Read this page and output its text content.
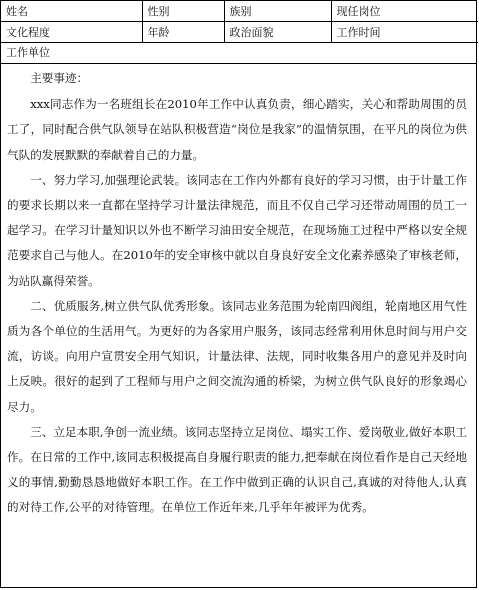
姓名	性别	族别	现任岗位
文化程度	年龄	政治面貌	工作时间
工作单位

主要事迹：

xxx同志作为一名班组长在2010年工作中认真负责，细心踏实，关心和帮助周围的员工了，同时配合供气队领导在站队积极营造“岗位是我家”的温情氛围，在平凡的岗位为供气队的发展默默的奉献着自己的力量。

一、努力学习,加强理论武装。该同志在工作内外都有良好的学习习惯，由于计量工作的要求长期以来一直都在坚持学习计量法律规范，而且不仅自己学习还带动周围的员工一起学习。在学习计量知识以外也不断学习油田安全规范，在现场施工过程中严格以安全规范要求自己与他人。在2010年的安全审核中就以自身良好安全文化素养感染了审核老师，为站队赢得荣誉。

二、优质服务,树立供气队优秀形象。该同志业务范围为轮南四阀组，轮南地区用气性质为各个单位的生活用气。为更好的为各家用户服务，该同志经常利用休息时间与用户交流，访谈。向用户宣贯安全用气知识，计量法律、法规，同时收集各用户的意见并及时向上反映。很好的起到了工程师与用户之间交流沟通的桥梁，为树立供气队良好的形象竭心尽力。

三、立足本职,争创一流业绩。该同志坚持立足岗位、塌实工作、爱岗敬业,做好本职工作。在日常的工作中,该同志积极提高自身履行职责的能力,把奉献在岗位看作是自己天经地义的事情,勤勤恳恳地做好本职工作。在工作中做到正确的认识自己,真诚的对待他人,认真的对待工作,公平的对待管理。在单位工作近年来,几乎年年被评为优秀。
